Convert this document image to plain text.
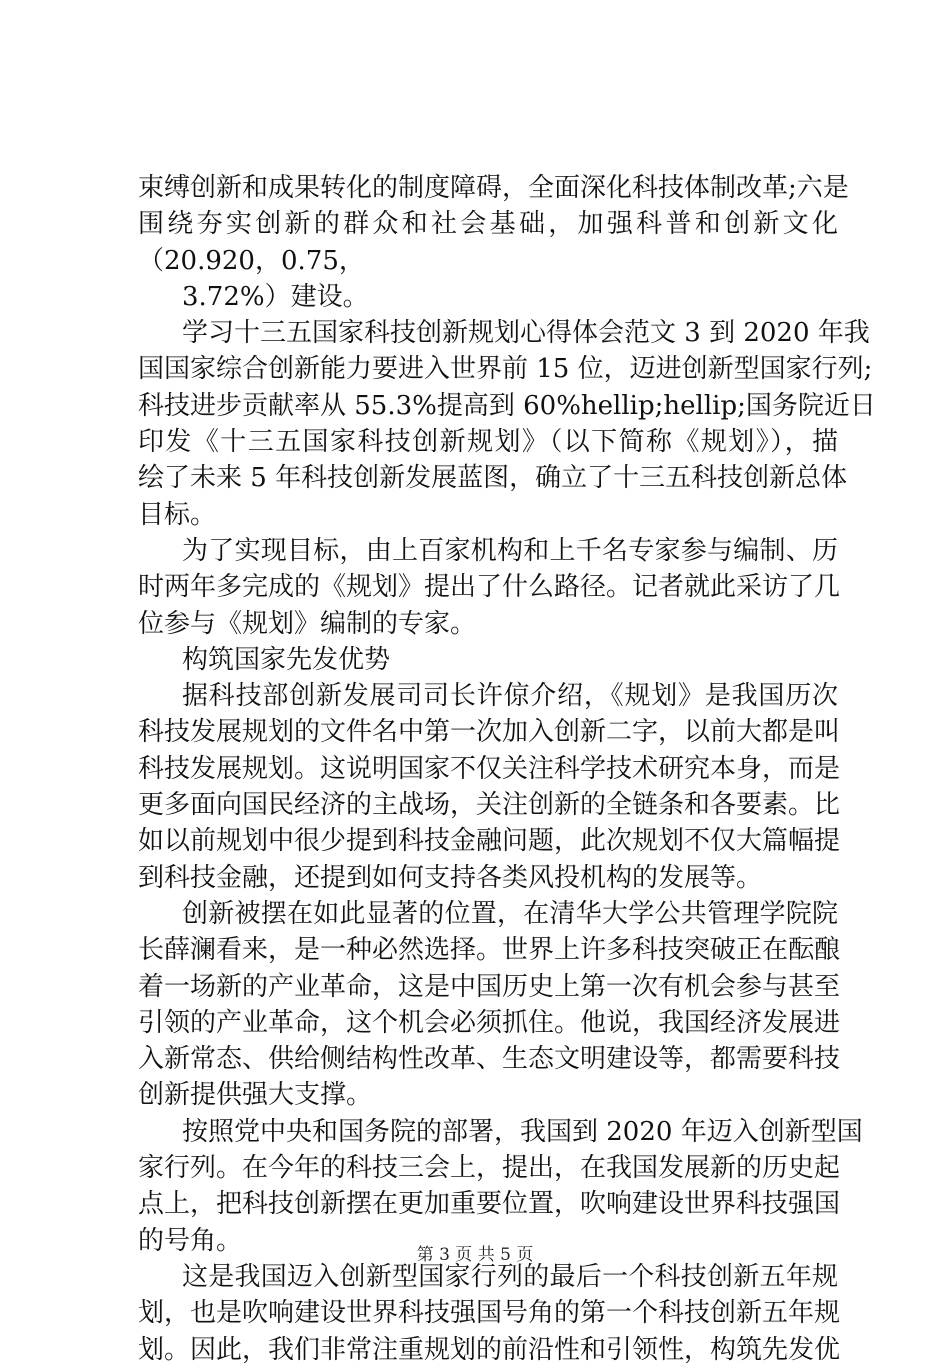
束缚创新和成果转化的制度障碍，全面深化科技体制改革;六是
围绕夯实创新的群众和社会基础，加强科普和创新文化
（20.920，0.75，
3.72%）建设。
学习十三五国家科技创新规划心得体会范文 3 到 2020 年我
国国家综合创新能力要进入世界前 15 位，迈进创新型国家行列;
科技进步贡献率从 55.3%提高到 60%hellip;hellip;国务院近日
印发《十三五国家科技创新规划》（以下简称《规划》），描
绘了未来 5 年科技创新发展蓝图，确立了十三五科技创新总体
目标。
为了实现目标，由上百家机构和上千名专家参与编制、历
时两年多完成的《规划》提出了什么路径。记者就此采访了几
位参与《规划》编制的专家。
构筑国家先发优势
据科技部创新发展司司长许倞介绍，《规划》是我国历次
科技发展规划的文件名中第一次加入创新二字，以前大都是叫
科技发展规划。这说明国家不仅关注科学技术研究本身，而是
更多面向国民经济的主战场，关注创新的全链条和各要素。比
如以前规划中很少提到科技金融问题，此次规划不仅大篇幅提
到科技金融，还提到如何支持各类风投机构的发展等。
创新被摆在如此显著的位置，在清华大学公共管理学院院
长薛澜看来，是一种必然选择。世界上许多科技突破正在酝酿
着一场新的产业革命，这是中国历史上第一次有机会参与甚至
引领的产业革命，这个机会必须抓住。他说，我国经济发展进
入新常态、供给侧结构性改革、生态文明建设等，都需要科技
创新提供强大支撑。
按照党中央和国务院的部署，我国到 2020 年迈入创新型国
家行列。在今年的科技三会上，提出，在我国发展新的历史起
点上，把科技创新摆在更加重要位置，吹响建设世界科技强国
的号角。
这是我国迈入创新型国家行列的最后一个科技创新五年规
划，也是吹响建设世界科技强国号角的第一个科技创新五年规
划。因此，我们非常注重规划的前沿性和引领性，构筑先发优
第 3 页 共 5 页
